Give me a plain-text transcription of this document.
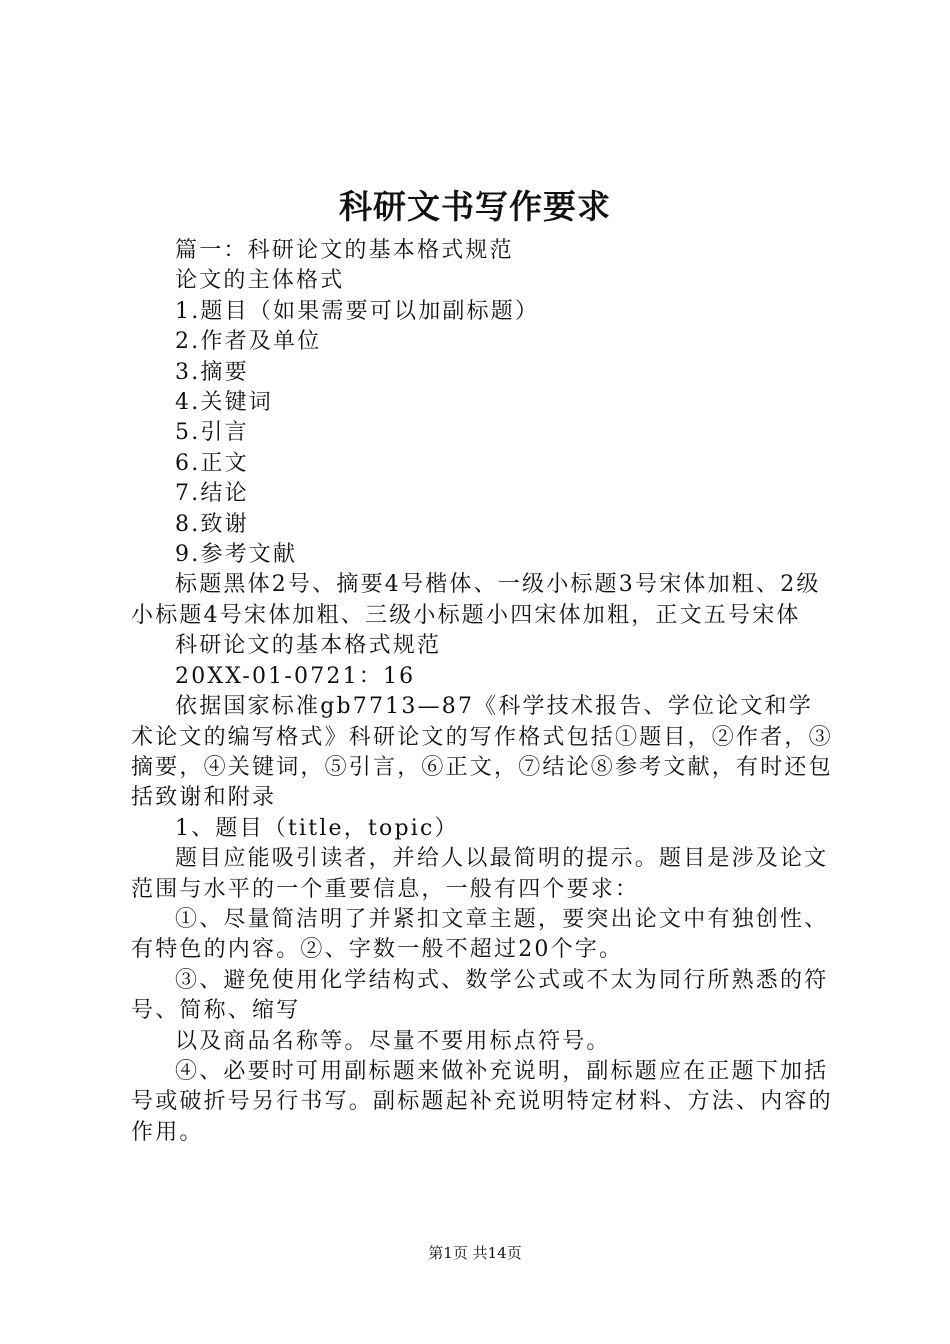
科研文书写作要求

篇一：科研论文的基本格式规范

论文的主体格式

1.题目（如果需要可以加副标题）

2.作者及单位

3.摘要

4.关键词

5.引言

6.正文

7.结论

8.致谢

9.参考文献

标题黑体2号、摘要4号楷体、一级小标题3号宋体加粗、2级小标题4号宋体加粗、三级小标题小四宋体加粗，正文五号宋体

科研论文的基本格式规范

20XX-01-0721：16

依据国家标准gb7713—87《科学技术报告、学位论文和学术论文的编写格式》科研论文的写作格式包括①题目，②作者，③摘要，④关键词，⑤引言，⑥正文，⑦结论⑧参考文献，有时还包括致谢和附录

1、题目（title，topic）

题目应能吸引读者，并给人以最简明的提示。题目是涉及论文范围与水平的一个重要信息，一般有四个要求：

①、尽量简洁明了并紧扣文章主题，要突出论文中有独创性、有特色的内容。②、字数一般不超过20个字。

③、避免使用化学结构式、数学公式或不太为同行所熟悉的符号、简称、缩写

以及商品名称等。尽量不要用标点符号。

④、必要时可用副标题来做补充说明，副标题应在正题下加括号或破折号另行书写。副标题起补充说明特定材料、方法、内容的作用。

第1页 共14页
